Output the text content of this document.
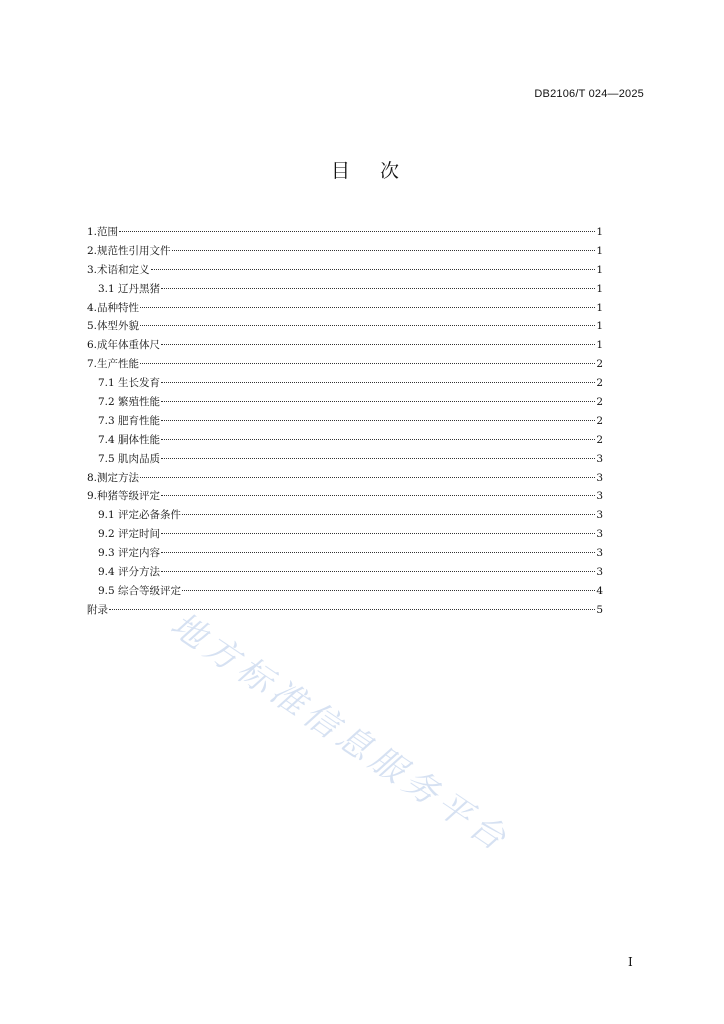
DB2106/T 024—2025
目 次
1.范围	1
2.规范性引用文件	1
3.术语和定义	1
3.1 辽丹黑猪	1
4.品种特性	1
5.体型外貌	1
6.成年体重体尺	1
7.生产性能	2
7.1 生长发育	2
7.2 繁殖性能	2
7.3 肥育性能	2
7.4 胴体性能	2
7.5 肌肉品质	3
8.测定方法	3
9.种猪等级评定	3
9.1 评定必备条件	3
9.2 评定时间	3
9.3 评定内容	3
9.4 评分方法	3
9.5 综合等级评定	4
附录	5
地方标准信息服务平台
I
